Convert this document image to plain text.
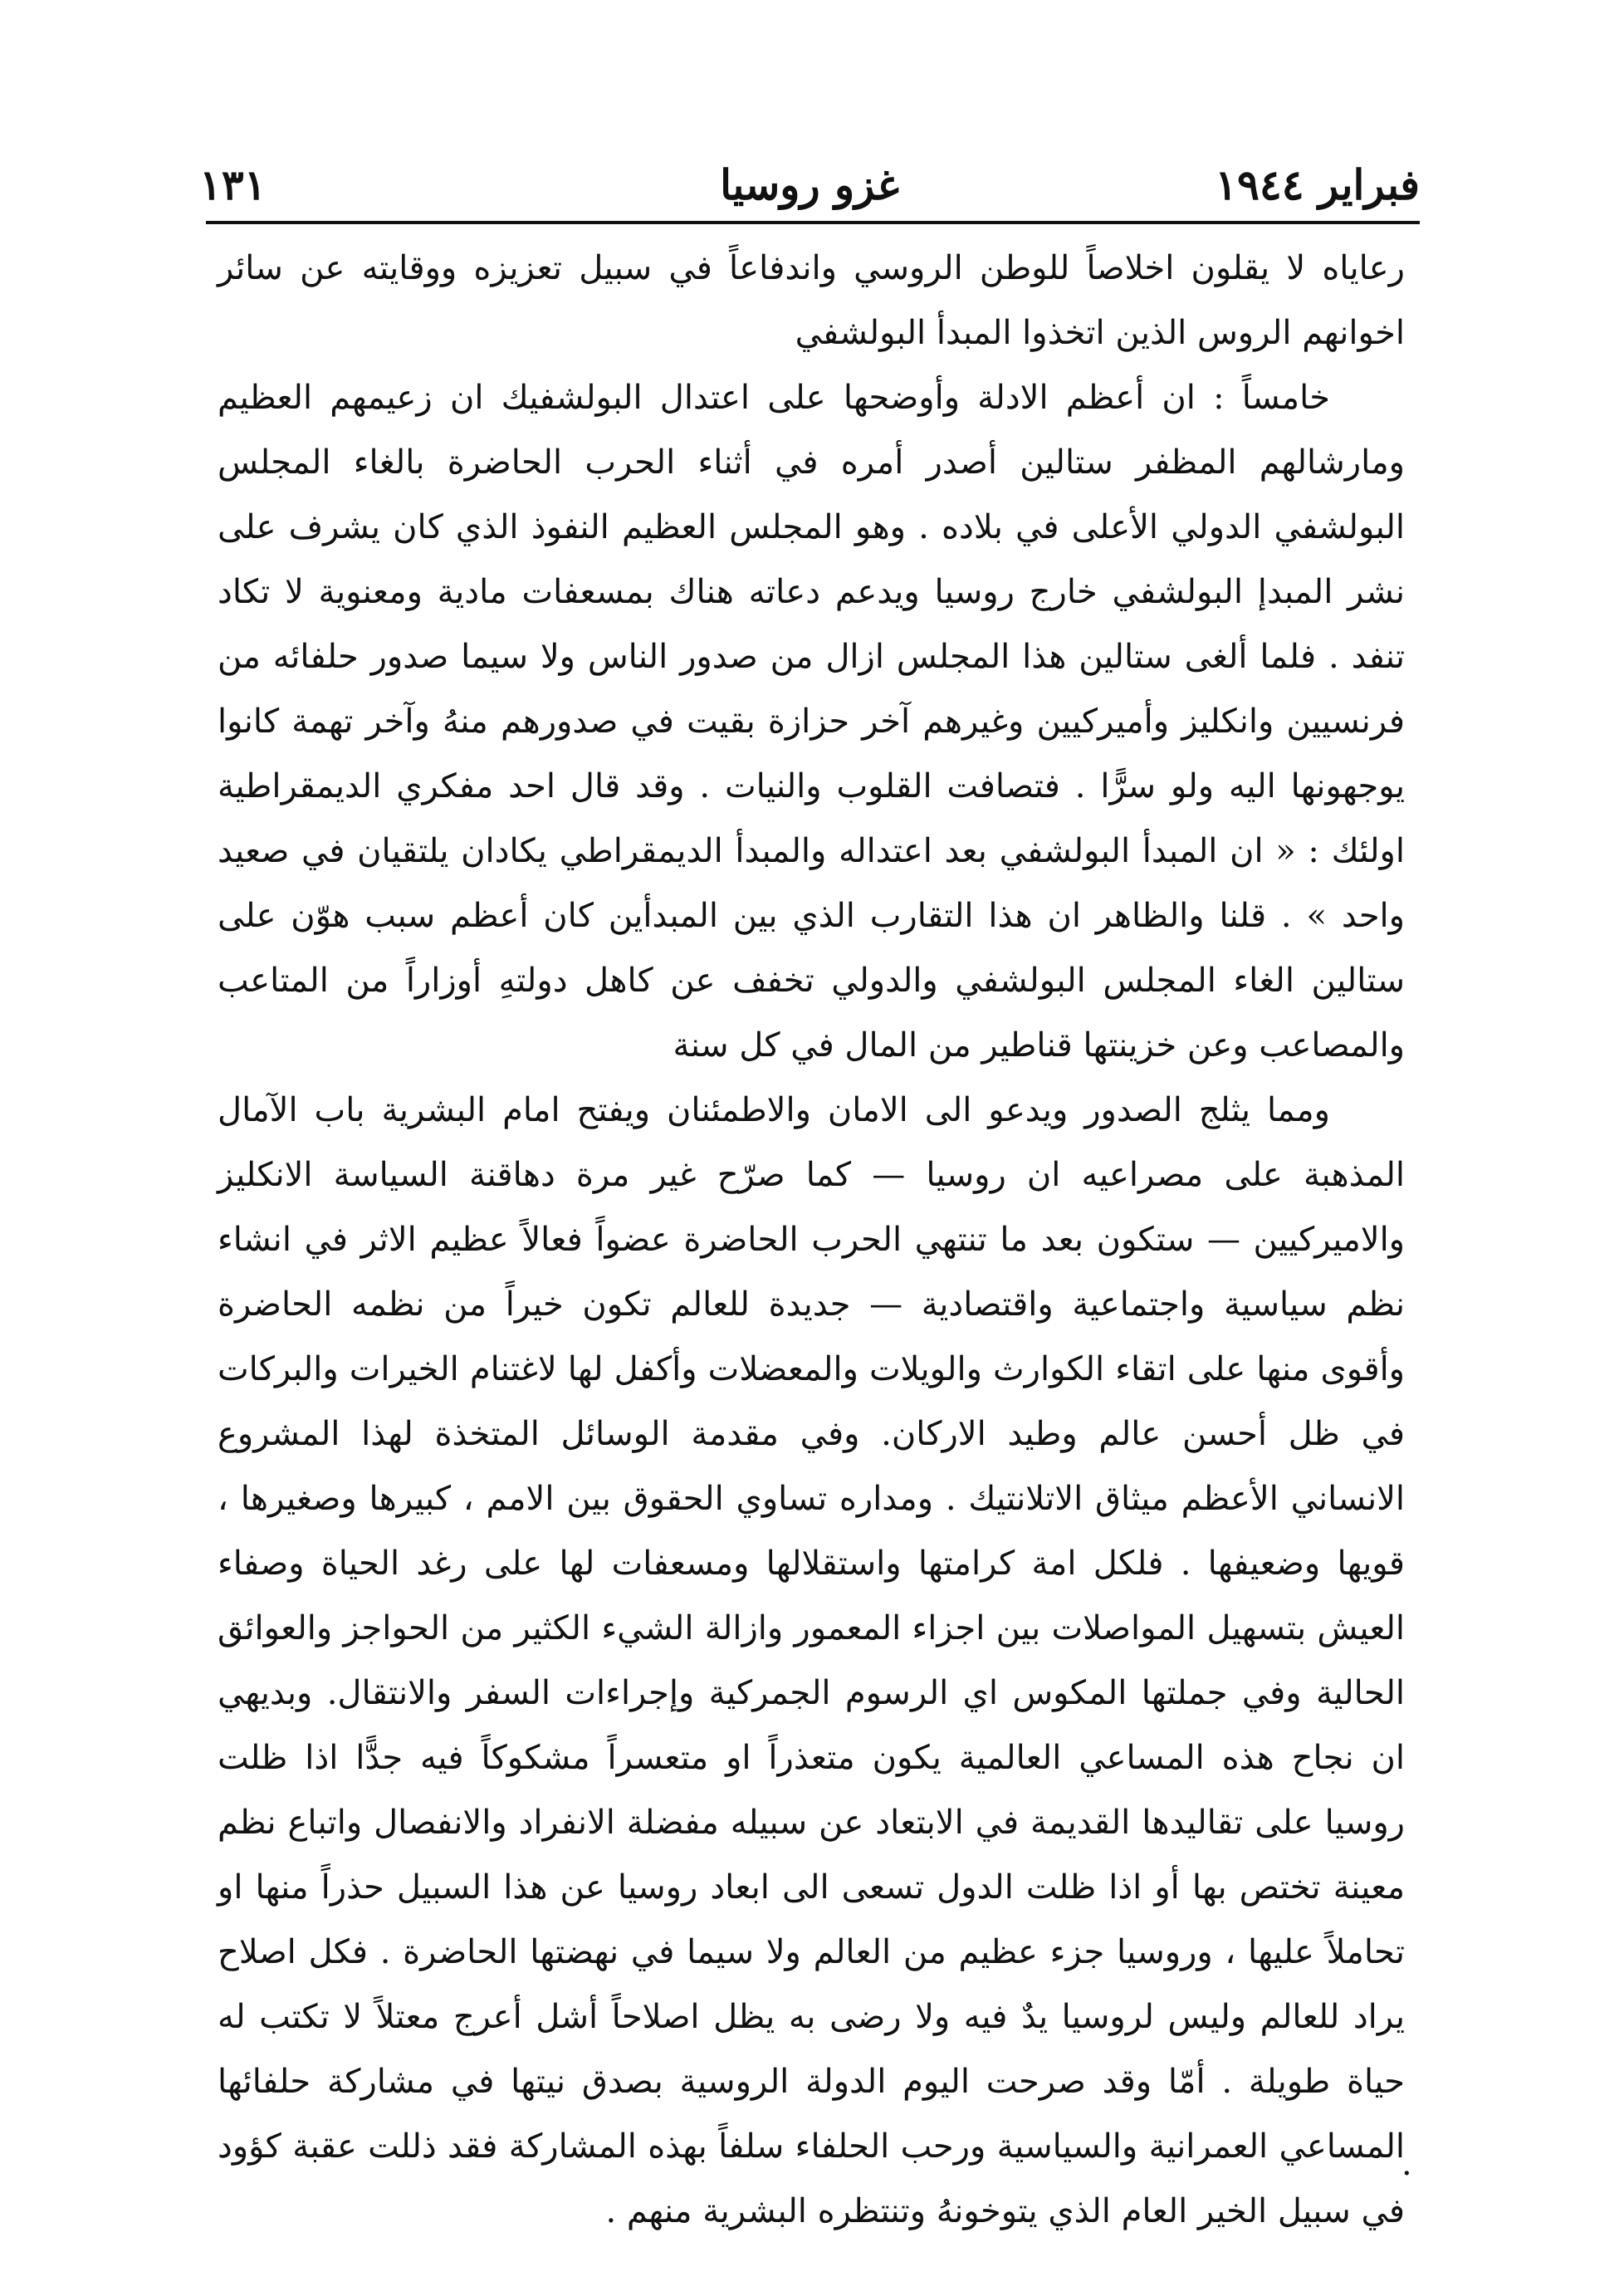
فبراير ١٩٤٤
غزو روسيا
١٣١

رعاياه لا يقلون اخلاصاً للوطن الروسي واندفاعاً في سبيل تعزيزه ووقايته عن سائر اخوانهم الروس الذين اتخذوا المبدأ البولشفي

خامساً : ان أعظم الادلة وأوضحها على اعتدال البولشفيك ان زعيمهم العظيم ومارشالهم المظفر ستالين أصدر أمره في أثناء الحرب الحاضرة بالغاء المجلس البولشفي الدولي الأعلى في بلاده . وهو المجلس العظيم النفوذ الذي كان يشرف على نشر المبدإ البولشفي خارج روسيا ويدعم دعاته هناك بمسعفات مادية ومعنوية لا تكاد تنفد . فلما ألغى ستالين هذا المجلس ازال من صدور الناس ولا سيما صدور حلفائه من فرنسيين وانكليز وأميركيين وغيرهم آخر حزازة بقيت في صدورهم منهُ وآخر تهمة كانوا يوجهونها اليه ولو سرًّا . فتصافت القلوب والنيات . وقد قال احد مفكري الديمقراطية اولئك : « ان المبدأ البولشفي بعد اعتداله والمبدأ الديمقراطي يكادان يلتقيان في صعيد واحد » . قلنا والظاهر ان هذا التقارب الذي بين المبدأين كان أعظم سبب هوّن على ستالين الغاء المجلس البولشفي والدولي تخفف عن كاهل دولتهِ أوزاراً من المتاعب والمصاعب وعن خزينتها قناطير من المال في كل سنة

ومما يثلج الصدور ويدعو الى الامان والاطمئنان ويفتح امام البشرية باب الآمال المذهبة على مصراعيه ان روسيا — كما صرّح غير مرة دهاقنة السياسة الانكليز والاميركيين — ستكون بعد ما تنتهي الحرب الحاضرة عضواً فعالاً عظيم الاثر في انشاء نظم سياسية واجتماعية واقتصادية — جديدة للعالم تكون خيراً من نظمه الحاضرة وأقوى منها على اتقاء الكوارث والويلات والمعضلات وأكفل لها لاغتنام الخيرات والبركات في ظل أحسن عالم وطيد الاركان. وفي مقدمة الوسائل المتخذة لهذا المشروع الانساني الأعظم ميثاق الاتلانتيك . ومداره تساوي الحقوق بين الامم ، كبيرها وصغيرها ، قويها وضعيفها . فلكل امة كرامتها واستقلالها ومسعفات لها على رغد الحياة وصفاء العيش بتسهيل المواصلات بين اجزاء المعمور وازالة الشيء الكثير من الحواجز والعوائق الحالية وفي جملتها المكوس اي الرسوم الجمركية وإجراءات السفر والانتقال. وبديهي ان نجاح هذه المساعي العالمية يكون متعذراً او متعسراً مشكوكاً فيه جدًّا اذا ظلت روسيا على تقاليدها القديمة في الابتعاد عن سبيله مفضلة الانفراد والانفصال واتباع نظم معينة تختص بها أو اذا ظلت الدول تسعى الى ابعاد روسيا عن هذا السبيل حذراً منها او تحاملاً عليها ، وروسيا جزء عظيم من العالم ولا سيما في نهضتها الحاضرة . فكل اصلاح يراد للعالم وليس لروسيا يدٌ فيه ولا رضى به يظل اصلاحاً أشل أعرج معتلاً لا تكتب له حياة طويلة . أمّا وقد صرحت اليوم الدولة الروسية بصدق نيتها في مشاركة حلفائها المساعي العمرانية والسياسية ورحب الحلفاء سلفاً بهذه المشاركة فقد ذللت عقبة كؤود في سبيل الخير العام الذي يتوخونهُ وتنتظره البشرية منهم .

·
